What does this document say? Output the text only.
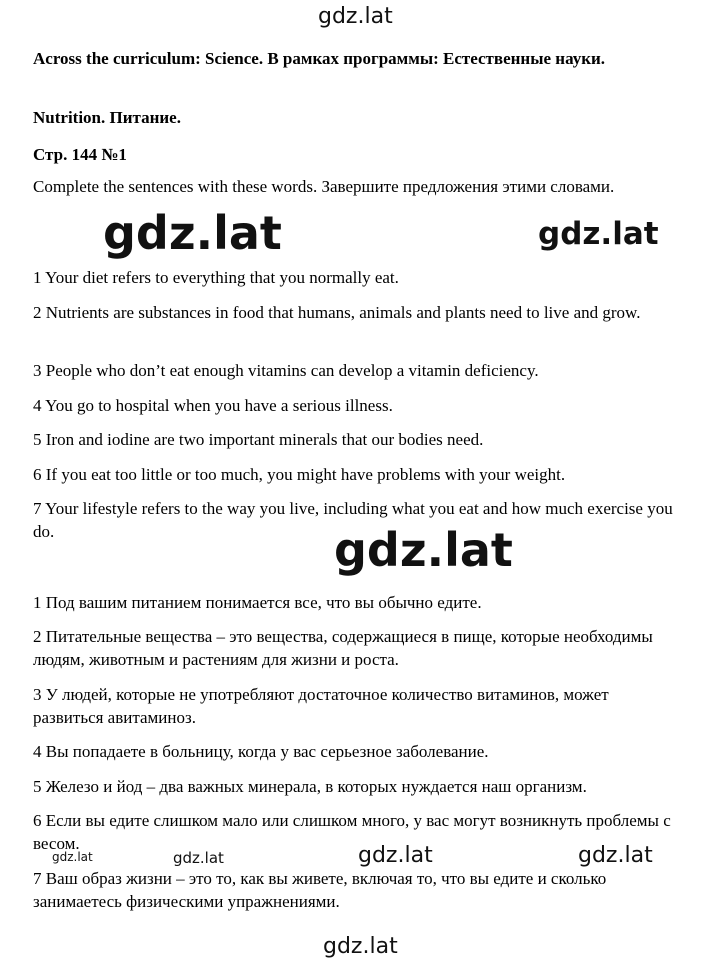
gdz.lat
Across the curriculum: Science. В рамках программы: Естественные науки.
Nutrition. Питание.
Стр. 144 №1
Complete the sentences with these words. Завершите предложения этими словами.
gdz.lat	gdz.lat
1 Your diet refers to everything that you normally eat.
2 Nutrients are substances in food that humans, animals and plants need to live and grow.
3 People who don’t eat enough vitamins can develop a vitamin deficiency.
4 You go to hospital when you have a serious illness.
5 Iron and iodine are two important minerals that our bodies need.
6 If you eat too little or too much, you might have problems with your weight.
7 Your lifestyle refers to the way you live, including what you eat and how much exercise you do.	gdz.lat
1 Под вашим питанием понимается все, что вы обычно едите.
2 Питательные вещества – это вещества, содержащиеся в пище, которые необходимы людям, животным и растениям для жизни и роста.
3 У людей, которые не употребляют достаточное количество витаминов, может развиться авитаминоз.
4 Вы попадаете в больницу, когда у вас серьезное заболевание.
5 Железо и йод – два важных минерала, в которых нуждается наш организм.
6 Если вы едите слишком мало или слишком много, у вас могут возникнуть проблемы с весом.
7 Ваш образ жизни – это то, как вы живете, включая то, что вы едите и сколько занимаетесь физическими упражнениями.
gdz.lat	gdz.lat	gdz.lat	gdz.lat
gdz.lat
